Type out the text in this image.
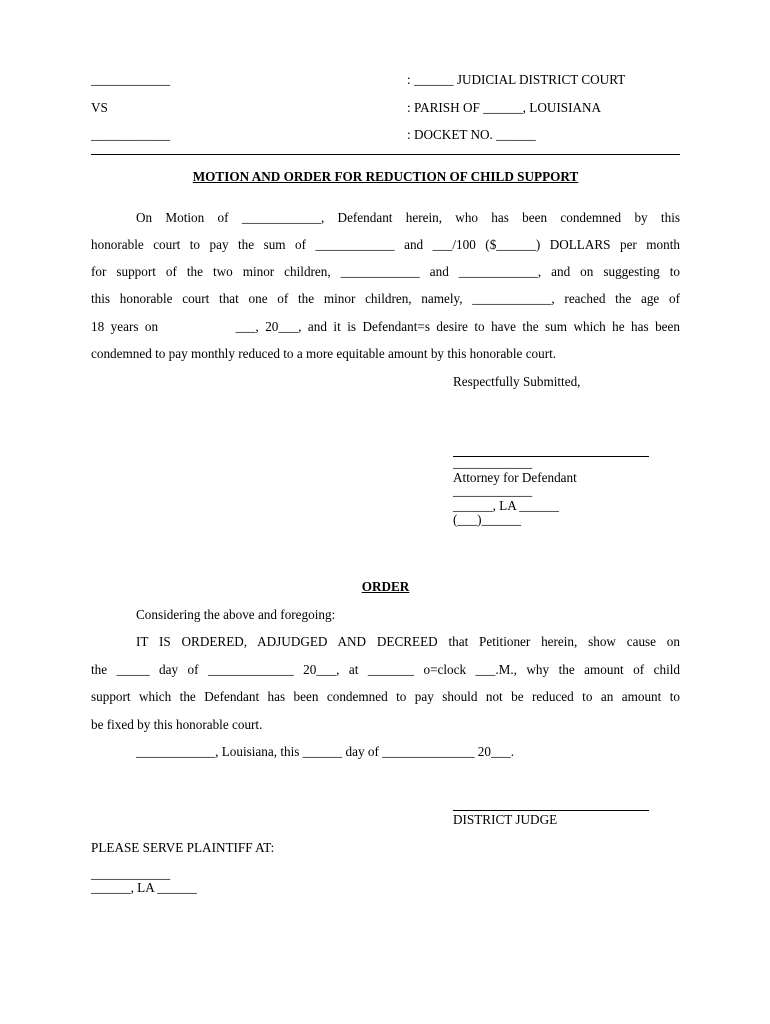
____________	: ______ JUDICIAL DISTRICT COURT
VS	: PARISH OF ______, LOUISIANA
____________	: DOCKET NO. ______
MOTION AND ORDER FOR REDUCTION OF CHILD SUPPORT
On Motion of ____________, Defendant herein, who has been condemned by this
honorable court to pay the sum of ____________ and ___/100 ($______) DOLLARS per month
for support of the two minor children, ____________ and ____________, and on suggesting to
this honorable court that one of the minor children, namely, ____________, reached the age of
18 years on            ___, 20___, and it is Defendant=s desire to have the sum which he has been
condemned to pay monthly reduced to a more equitable amount by this honorable court.
Respectfully Submitted,
____________
Attorney for Defendant
____________
______, LA ______
(___)______
ORDER
Considering the above and foregoing:
IT IS ORDERED, ADJUDGED AND DECREED that Petitioner herein, show cause on
the _____ day of _____________ 20___, at _______ o=clock ___.M., why the amount of child
support which the Defendant has been condemned to pay should not be reduced to an amount to
be fixed by this honorable court.
____________, Louisiana, this ______ day of ______________ 20___.
DISTRICT JUDGE
PLEASE SERVE PLAINTIFF AT:
____________
______, LA ______
